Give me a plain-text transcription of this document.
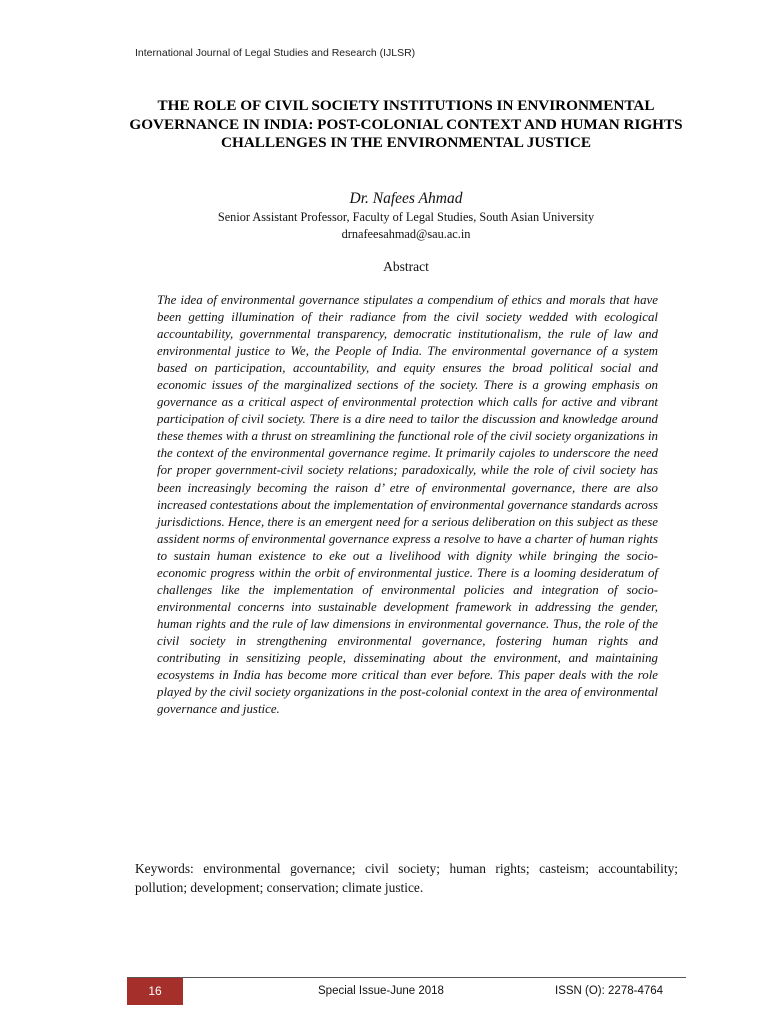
International Journal of Legal Studies and Research (IJLSR)
THE ROLE OF CIVIL SOCIETY INSTITUTIONS IN ENVIRONMENTAL GOVERNANCE IN INDIA: POST-COLONIAL CONTEXT AND HUMAN RIGHTS CHALLENGES IN THE ENVIRONMENTAL JUSTICE
Dr. Nafees Ahmad
Senior Assistant Professor, Faculty of Legal Studies, South Asian University
drnafeesahmad@sau.ac.in
Abstract

The idea of environmental governance stipulates a compendium of ethics and morals that have been getting illumination of their radiance from the civil society wedded with ecological accountability, governmental transparency, democratic institutionalism, the rule of law and environmental justice to We, the People of India. The environmental governance of a system based on participation, accountability, and equity ensures the broad political social and economic issues of the marginalized sections of the society. There is a growing emphasis on governance as a critical aspect of environmental protection which calls for active and vibrant participation of civil society. There is a dire need to tailor the discussion and knowledge around these themes with a thrust on streamlining the functional role of the civil society organizations in the context of the environmental governance regime. It primarily cajoles to underscore the need for proper government-civil society relations; paradoxically, while the role of civil society has been increasingly becoming the raison d’ etre of environmental governance, there are also increased contestations about the implementation of environmental governance standards across jurisdictions. Hence, there is an emergent need for a serious deliberation on this subject as these assident norms of environmental governance express a resolve to have a charter of human rights to sustain human existence to eke out a livelihood with dignity while bringing the socio-economic progress within the orbit of environmental justice. There is a looming desideratum of challenges like the implementation of environmental policies and integration of socio-environmental concerns into sustainable development framework in addressing the gender, human rights and the rule of law dimensions in environmental governance. Thus, the role of the civil society in strengthening environmental governance, fostering human rights and contributing in sensitizing people, disseminating about the environment, and maintaining ecosystems in India has become more critical than ever before. This paper deals with the role played by the civil society organizations in the post-colonial context in the area of environmental governance and justice.

Keywords: environmental governance; civil society; human rights; casteism; accountability; pollution; development; conservation; climate justice.

16	Special Issue-June 2018	ISSN (O): 2278-4764
